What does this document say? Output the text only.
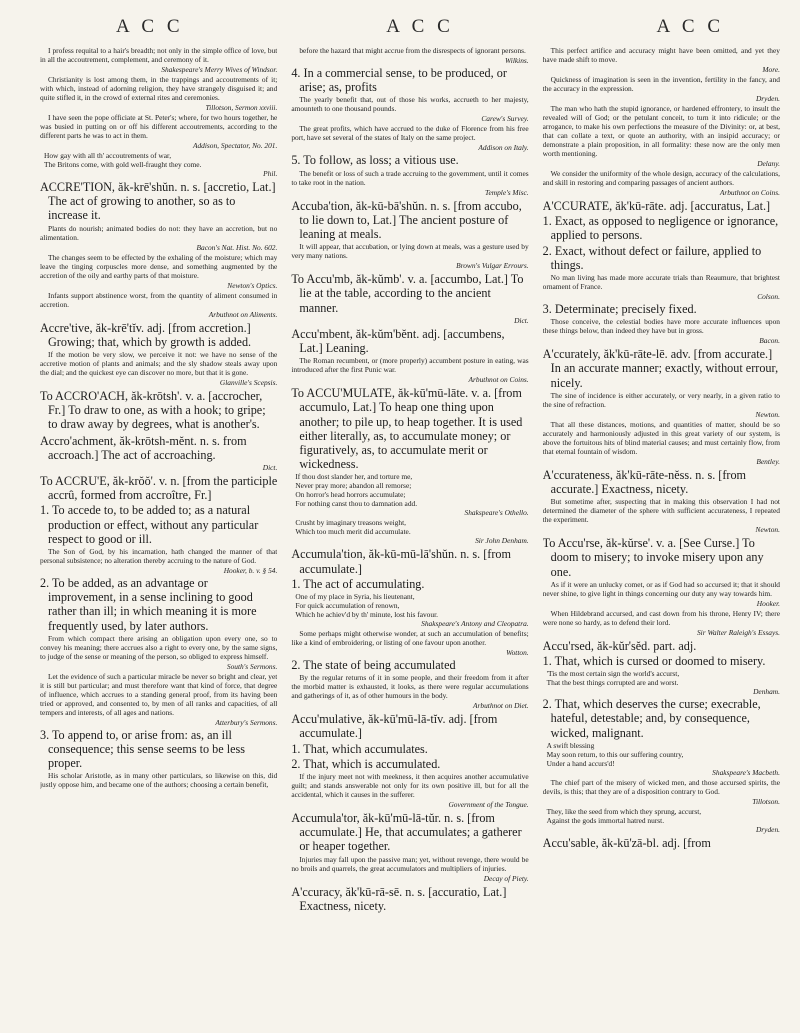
A C C	A C C	A C C

I profess requital to a hair's breadth; not only in the simple office of love, but in all the accoutrement, complement, and ceremony of it.

Shakespeare's Merry Wives of Windsor.

Christianity is lost among them, in the trappings and accoutrements of it; with which, instead of adorning religion, they have strangely disguised it; and quite stifled it, in the crowd of external rites and ceremonies.

Tillotson, Sermon xxviii.

I have seen the pope officiate at St. Peter's; where, for two hours together, he was busied in putting on or off his different accoutrements, according to the different parts he was to act in them.

Addison, Spectator, No. 201.

How gay with all th' accoutrements of war,

The Britons come, with gold well-fraught they come.

Phil.

ACCRE'TION, ăk-krē'shŭn. n. s. [accretio, Lat.] The act of growing to another, so as to increase it.

Plants do nourish; animated bodies do not: they have an accretion, but no alimentation.

Bacon's Nat. Hist. No. 602.

The changes seem to be effected by the exhaling of the moisture; which may leave the tinging corpuscles more dense, and something augmented by the accretion of the oily and earthy parts of that moisture.

Newton's Optics.

Infants support abstinence worst, from the quantity of aliment consumed in accretion.

Arbuthnot on Aliments.

Accre'tive, ăk-krē'tĭv. adj. [from accretion.] Growing; that, which by growth is added.

If the motion be very slow, we perceive it not: we have no sense of the accretive motion of plants and animals; and the sly shadow steals away upon the dial; and the quickest eye can discover no more, but that it is gone.

Glanville's Scepsis.

To ACCRO'ACH, ăk-krōtsh'. v. a. [accrocher, Fr.] To draw to one, as with a hook; to gripe; to draw away by degrees, what is another's.

Accro'achment, ăk-krōtsh-mĕnt. n. s. from accroach.] The act of accroaching.

Dict.

To ACCRU'E, ăk-krŏŏ'. v. n. [from the participle accrû, formed from accroître, Fr.]

1. To accede to, to be added to; as a natural production or effect, without any particular respect to good or ill.

The Son of God, by his incarnation, hath changed the manner of that personal subsistence; no alteration thereby accruing to the nature of God.

Hooker, b. v. § 54.

2. To be added, as an advantage or improvement, in a sense inclining to good rather than ill; in which meaning it is more frequently used, by later authors.

From which compact there arising an obligation upon every one, so to convey his meaning; there accrues also a right to every one, by the same signs, to judge of the sense or meaning of the person, so obliged to express himself.

South's Sermons.

Let the evidence of such a particular miracle be never so bright and clear, yet it is still but particular; and must therefore want that kind of force, that degree of influence, which accrues to a standing general proof, from its having been tried or approved, and consented to, by men of all ranks and capacities, of all tempers and interests, of all ages and nations.

Atterbury's Sermons.

3. To append to, or arise from: as, an ill consequence; this sense seems to be less proper.

His scholar Aristotle, as in many other particulars, so likewise on this, did justly oppose him, and became one of the authors; choosing a certain benefit,

before the hazard that might accrue from the disrespects of ignorant persons.

Wilkins.

4. In a commercial sense, to be produced, or arise; as, profits

The yearly benefit that, out of those his works, accrueth to her majesty, amounteth to one thousand pounds.

Carew's Survey.

The great profits, which have accrued to the duke of Florence from his free port, have set several of the states of Italy on the same project.

Addison on Italy.

5. To follow, as loss; a vitious use.

The benefit or loss of such a trade accruing to the government, until it comes to take root in the nation.

Temple's Misc.

Accuba'tion, ăk-kū-bā'shŭn. n. s. [from accubo, to lie down to, Lat.] The ancient posture of leaning at meals.

It will appear, that accubation, or lying down at meals, was a gesture used by very many nations.

Brown's Vulgar Errours.

To Accu'mb, ăk-kŭmb'. v. a. [accumbo, Lat.] To lie at the table, according to the ancient manner.

Dict.

Accu'mbent, ăk-kŭm'bĕnt. adj. [accumbens, Lat.] Leaning.

The Roman recumbent, or (more properly) accumbent posture in eating, was introduced after the first Punic war.

Arbuthnot on Coins.

To ACCU'MULATE, ăk-kū'mū-lāte. v. a. [from accumulo, Lat.] To heap one thing upon another; to pile up, to heap together. It is used either literally, as, to accumulate money; or figuratively, as, to accumulate merit or wickedness.

If thou dost slander her, and torture me,

Never pray more; abandon all remorse;

On horror's head horrors accumulate;

For nothing canst thou to damnation add.

Shakspeare's Othello.

Crusht by imaginary treasons weight,

Which too much merit did accumulate.

Sir John Denham.

Accumula'tion, ăk-kū-mū-lā'shŭn. n. s. [from accumulate.]

1. The act of accumulating.

One of my place in Syria, his lieutenant,

For quick accumulation of renown,

Which he achiev'd by th' minute, lost his favour.

Shakspeare's Antony and Cleopatra.

Some perhaps might otherwise wonder, at such an accumulation of benefits; like a kind of embroidering, or listing of one favour upon another.

Wotton.

2. The state of being accumulated

By the regular returns of it in some people, and their freedom from it after the morbid matter is exhausted, it looks, as there were regular accumulations and gatherings of it, as of other humours in the body.

Arbuthnot on Diet.

Accu'mulative, ăk-kū'mū-lā-tĭv. adj. [from accumulate.]

1. That, which accumulates.

2. That, which is accumulated.

If the injury meet not with meekness, it then acquires another accumulative guilt; and stands answerable not only for its own positive ill, but for all the accidental, which it causes in the sufferer.

Government of the Tongue.

Accumula'tor, ăk-kū'mū-lā-tŭr. n. s. [from accumulate.] He, that accumulates; a gatherer or heaper together.

Injuries may fall upon the passive man; yet, without revenge, there would be no broils and quarrels, the great accumulators and multipliers of injuries.

Decay of Piety.

A'ccuracy, ăk'kū-rā-sē. n. s. [accuratio, Lat.] Exactness, nicety.

This perfect artifice and accuracy might have been omitted, and yet they have made shift to move.

More.

Quickness of imagination is seen in the invention, fertility in the fancy, and the accuracy in the expression.

Dryden.

The man who hath the stupid ignorance, or hardened effrontery, to insult the revealed will of God; or the petulant conceit, to turn it into ridicule; or the arrogance, to make his own perfections the measure of the Divinity: or, at best, that can collate a text, or quote an authority, with an insipid accuracy; or demonstrate a plain proposition, in all formality: these now are the only men worth mentioning.

Delany.

We consider the uniformity of the whole design, accuracy of the calculations, and skill in restoring and comparing passages of ancient authors.

Arbuthnot on Coins.

A'CCURATE, ăk'kū-rāte. adj. [accuratus, Lat.]

1. Exact, as opposed to negligence or ignorance, applied to persons.

2. Exact, without defect or failure, applied to things.

No man living has made more accurate trials than Reaumure, that brightest ornament of France.

Colson.

3. Determinate; precisely fixed.

Those conceive, the celestial bodies have more accurate influences upon these things below, than indeed they have but in gross.

Bacon.

A'ccurately, ăk'kū-rāte-lē. adv. [from accurate.] In an accurate manner; exactly, without errour, nicely.

The sine of incidence is either accurately, or very nearly, in a given ratio to the sine of refraction.

Newton.

That all these distances, motions, and quantities of matter, should be so accurately and harmoniously adjusted in this great variety of our system, is above the fortuitous hits of blind material causes; and must certainly flow, from that eternal fountain of wisdom.

Bentley.

A'ccurateness, ăk'kū-rāte-nĕss. n. s. [from accurate.] Exactness, nicety.

But sometime after, suspecting that in making this observation I had not determined the diameter of the sphere with sufficient accurateness, I repeated the experiment.

Newton.

To Accu'rse, ăk-kŭrse'. v. a. [See Curse.] To doom to misery; to invoke misery upon any one.

As if it were an unlucky comet, or as if God had so accursed it; that it should never shine, to give light in things concerning our duty any way towards him.

Hooker.

When Hildebrand accursed, and cast down from his throne, Henry IV; there were none so hardy, as to defend their lord.

Sir Walter Raleigh's Essays.

Accu'rsed, ăk-kŭr'sĕd. part. adj.

1. That, which is cursed or doomed to misery.

'Tis the most certain sign the world's accurst,

That the best things corrupted are and worst.

Denham.

2. That, which deserves the curse; execrable, hateful, detestable; and, by consequence, wicked, malignant.

A swift blessing

May soon return, to this our suffering country,

Under a hand accurs'd!

Shakspeare's Macbeth.

The chief part of the misery of wicked men, and those accursed spirits, the devils, is this; that they are of a disposition contrary to God.

Tillotson.

They, like the seed from which they sprung, accurst,

Against the gods immortal hatred nurst.

Dryden.

Accu'sable, ăk-kū'zā-bl. adj. [from
